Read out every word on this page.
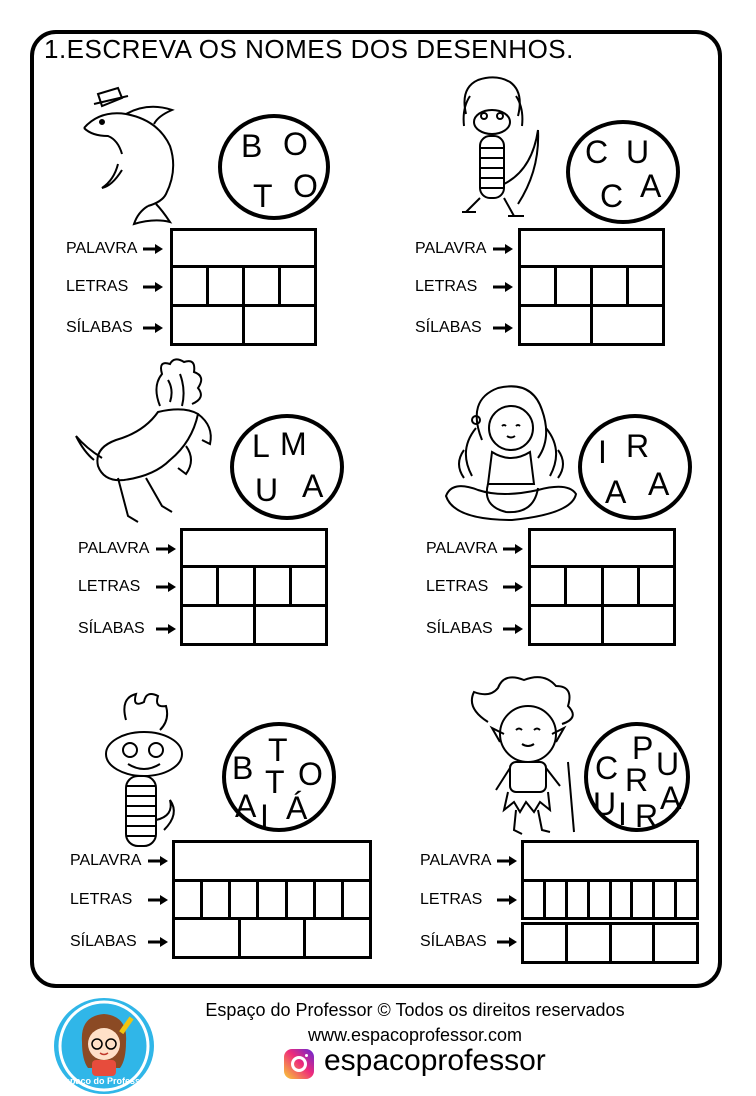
1.ESCREVA OS NOMES DOS DESENHOS.
B O
T O
PALAVRA
LETRAS
SÍLABAS
C U
C A
PALAVRA
LETRAS
SÍLABAS
L M
U A
PALAVRA
LETRAS
SÍLABAS
I R
A A
PALAVRA
LETRAS
SÍLABAS
T
B O
T
A I Á
PALAVRA
LETRAS
SÍLABAS
P
C U
R
U A
I R
PALAVRA
LETRAS
SÍLABAS
Espaço do Professor
Espaço do Professor © Todos os direitos reservados
www.espacoprofessor.com
espacoprofessor
